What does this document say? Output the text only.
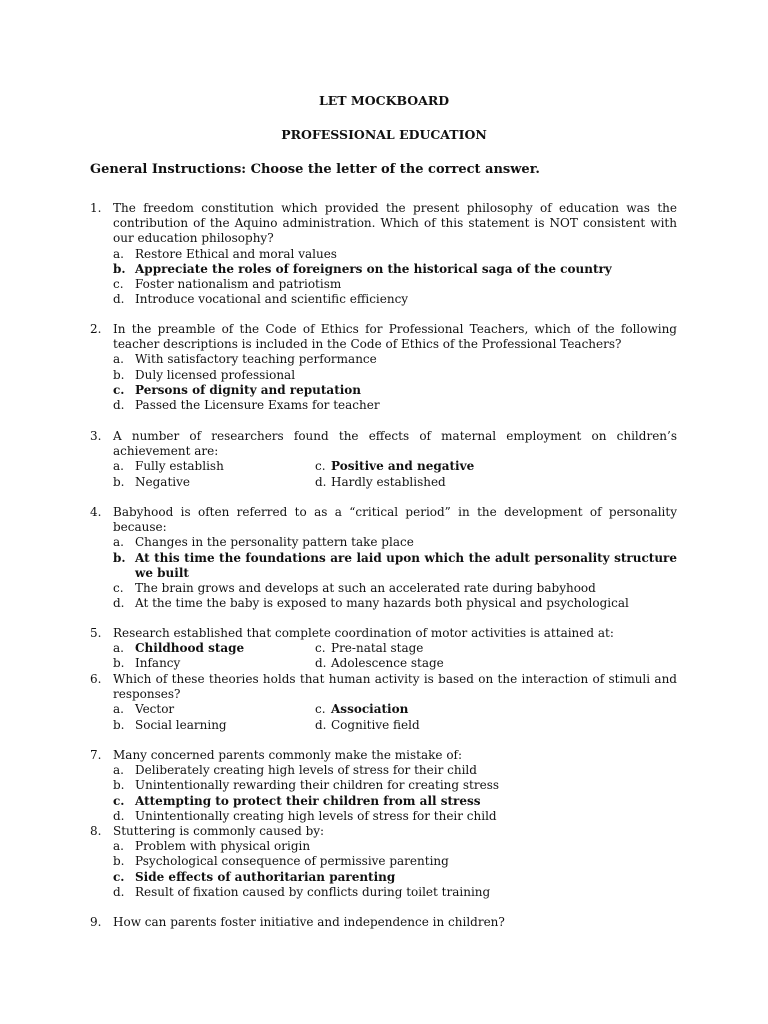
LET MOCKBOARD
PROFESSIONAL EDUCATION
General Instructions: Choose the letter of the correct answer.
1. The freedom constitution which provided the present philosophy of education was the contribution of the Aquino administration. Which of this statement is NOT consistent with our education philosophy?
a. Restore Ethical and moral values
b. Appreciate the roles of foreigners on the historical saga of the country
c. Foster nationalism and patriotism
d. Introduce vocational and scientific efficiency
2. In the preamble of the Code of Ethics for Professional Teachers, which of the following teacher descriptions is included in the Code of Ethics of the Professional Teachers?
a. With satisfactory teaching performance
b. Duly licensed professional
c. Persons of dignity and reputation
d. Passed the Licensure Exams for teacher
3. A number of researchers found the effects of maternal employment on children’s achievement are:
a. Fully establish	c. Positive and negative
b. Negative	d. Hardly established
4. Babyhood is often referred to as a “critical period” in the development of personality because:
a. Changes in the personality pattern take place
b. At this time the foundations are laid upon which the adult personality structure we built
c. The brain grows and develops at such an accelerated rate during babyhood
d. At the time the baby is exposed to many hazards both physical and psychological
5. Research established that complete coordination of motor activities is attained at:
a. Childhood stage	c. Pre-natal stage
b. Infancy	d. Adolescence stage
6. Which of these theories holds that human activity is based on the interaction of stimuli and responses?
a. Vector	c. Association
b. Social learning	d. Cognitive field
7. Many concerned parents commonly make the mistake of:
a. Deliberately creating high levels of stress for their child
b. Unintentionally rewarding their children for creating stress
c. Attempting to protect their children from all stress
d. Unintentionally creating high levels of stress for their child
8. Stuttering is commonly caused by:
a. Problem with physical origin
b. Psychological consequence of permissive parenting
c. Side effects of authoritarian parenting
d. Result of fixation caused by conflicts during toilet training
9. How can parents foster initiative and independence in children?
